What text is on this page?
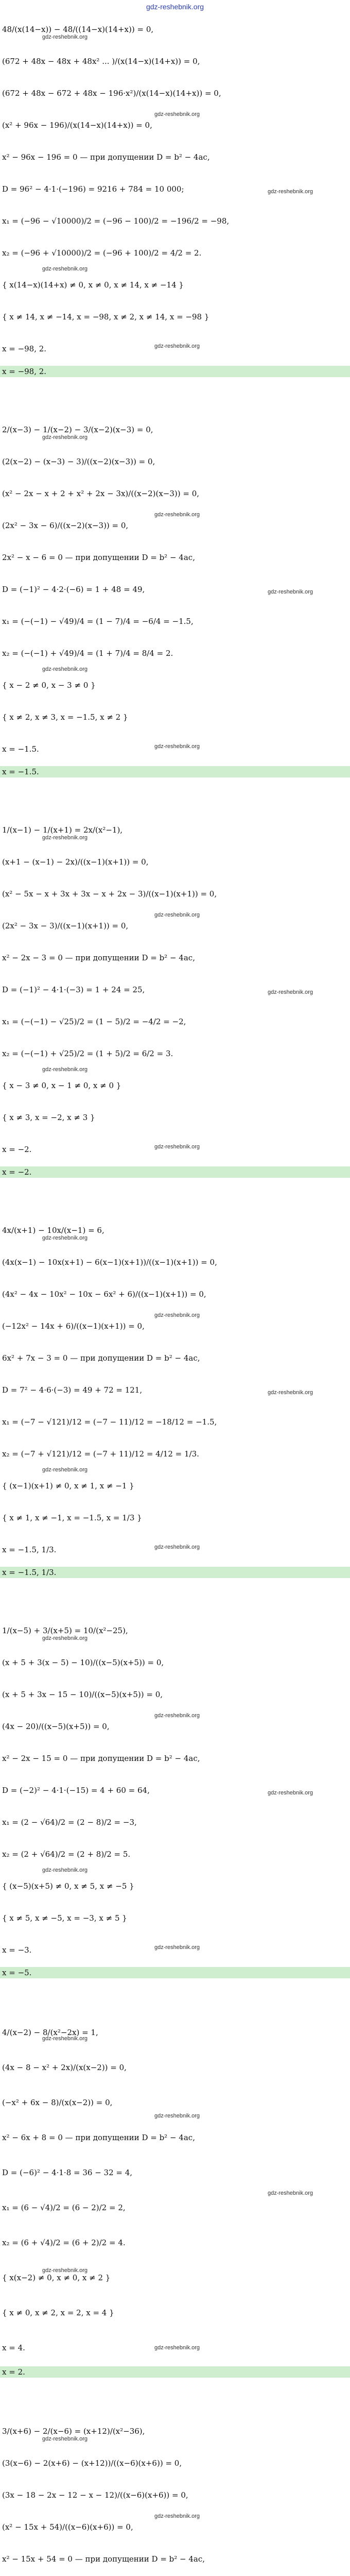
gdz-reshebnik.org
48/(x(14−x)) − 48/((14−x)(14+x)) = 0,
(672 + 48x − 48x + 48x² ... )/(x(14−x)(14+x)) = 0,
(672 + 48x − 672 + 48x − 196·x²)/(x(14−x)(14+x)) = 0,
(x² + 96x − 196)/(x(14−x)(14+x)) = 0,
x² − 96x − 196 = 0 — при допущении D = b² − 4ac,
D = 96² − 4·1·(−196) = 9216 + 784 = 10 000;
x₁ = (−96 − √10000)/2 = (−96 − 100)/2 = −196/2 = −98,
x₂ = (−96 + √10000)/2 = (−96 + 100)/2 = 4/2 = 2.
{ x(14−x)(14+x) ≠ 0, x ≠ 0, x ≠ 14, x ≠ −14 }
{ x ≠ 14, x ≠ −14, x = −98, x ≠ 2, x ≠ 14, x = −98 }
x = −98, 2.
x = −98, 2.
gdz-reshebnik.org
gdz-reshebnik.org
gdz-reshebnik.org
gdz-reshebnik.org
gdz-reshebnik.org
2/(x−3) − 1/(x−2) − 3/(x−2)(x−3) = 0,
(2(x−2) − (x−3) − 3)/((x−2)(x−3)) = 0,
(x² − 2x − x + 2 + x² + 2x − 3x)/((x−2)(x−3)) = 0,
(2x² − 3x − 6)/((x−2)(x−3)) = 0,
2x² − x − 6 = 0 — при допущении D = b² − 4ac,
D = (−1)² − 4·2·(−6) = 1 + 48 = 49,
x₁ = (−(−1) − √49)/4 = (1 − 7)/4 = −6/4 = −1.5,
x₂ = (−(−1) + √49)/4 = (1 + 7)/4 = 8/4 = 2.
{ x − 2 ≠ 0, x − 3 ≠ 0 }
{ x ≠ 2, x ≠ 3, x = −1.5, x ≠ 2 }
x = −1.5.
x = −1.5.
gdz-reshebnik.org
gdz-reshebnik.org
gdz-reshebnik.org
gdz-reshebnik.org
gdz-reshebnik.org
1/(x−1) − 1/(x+1) = 2x/(x²−1),
(x+1 − (x−1) − 2x)/((x−1)(x+1)) = 0,
(x² − 5x − x + 3x + 3x − x + 2x − 3)/((x−1)(x+1)) = 0,
(2x² − 3x − 3)/((x−1)(x+1)) = 0,
x² − 2x − 3 = 0 — при допущении D = b² − 4ac,
D = (−1)² − 4·1·(−3) = 1 + 24 = 25,
x₁ = (−(−1) − √25)/2 = (1 − 5)/2 = −4/2 = −2,
x₂ = (−(−1) + √25)/2 = (1 + 5)/2 = 6/2 = 3.
{ x − 3 ≠ 0, x − 1 ≠ 0, x ≠ 0 }
{ x ≠ 3, x = −2, x ≠ 3 }
x = −2.
x = −2.
gdz-reshebnik.org
gdz-reshebnik.org
gdz-reshebnik.org
gdz-reshebnik.org
gdz-reshebnik.org
4x/(x+1) − 10x/(x−1) = 6,
(4x(x−1) − 10x(x+1) − 6(x−1)(x+1))/((x−1)(x+1)) = 0,
(4x² − 4x − 10x² − 10x − 6x² + 6)/((x−1)(x+1)) = 0,
(−12x² − 14x + 6)/((x−1)(x+1)) = 0,
6x² + 7x − 3 = 0 — при допущении D = b² − 4ac,
D = 7² − 4·6·(−3) = 49 + 72 = 121,
x₁ = (−7 − √121)/12 = (−7 − 11)/12 = −18/12 = −1.5,
x₂ = (−7 + √121)/12 = (−7 + 11)/12 = 4/12 = 1/3.
{ (x−1)(x+1) ≠ 0, x ≠ 1, x ≠ −1 }
{ x ≠ 1, x ≠ −1, x = −1.5, x = 1/3 }
x = −1.5, 1/3.
x = −1.5, 1/3.
gdz-reshebnik.org
gdz-reshebnik.org
gdz-reshebnik.org
gdz-reshebnik.org
gdz-reshebnik.org
1/(x−5) + 3/(x+5) = 10/(x²−25),
(x + 5 + 3(x − 5) − 10)/((x−5)(x+5)) = 0,
(x + 5 + 3x − 15 − 10)/((x−5)(x+5)) = 0,
(4x − 20)/((x−5)(x+5)) = 0,
x² − 2x − 15 = 0 — при допущении D = b² − 4ac,
D = (−2)² − 4·1·(−15) = 4 + 60 = 64,
x₁ = (2 − √64)/2 = (2 − 8)/2 = −3,
x₂ = (2 + √64)/2 = (2 + 8)/2 = 5.
{ (x−5)(x+5) ≠ 0, x ≠ 5, x ≠ −5 }
{ x ≠ 5, x ≠ −5, x = −3, x ≠ 5 }
x = −3.
x = −5.
gdz-reshebnik.org
gdz-reshebnik.org
gdz-reshebnik.org
gdz-reshebnik.org
gdz-reshebnik.org
4/(x−2) − 8/(x²−2x) = 1,
(4x − 8 − x² + 2x)/(x(x−2)) = 0,
(−x² + 6x − 8)/(x(x−2)) = 0,
x² − 6x + 8 = 0 — при допущении D = b² − 4ac,
D = (−6)² − 4·1·8 = 36 − 32 = 4,
x₁ = (6 − √4)/2 = (6 − 2)/2 = 2,
x₂ = (6 + √4)/2 = (6 + 2)/2 = 4.
{ x(x−2) ≠ 0, x ≠ 0, x ≠ 2 }
{ x ≠ 0, x ≠ 2, x = 2, x = 4 }
x = 4.
x = 2.
gdz-reshebnik.org
gdz-reshebnik.org
gdz-reshebnik.org
gdz-reshebnik.org
gdz-reshebnik.org
3/(x+6) − 2/(x−6) = (x+12)/(x²−36),
(3(x−6) − 2(x+6) − (x+12))/((x−6)(x+6)) = 0,
(3x − 18 − 2x − 12 − x − 12)/((x−6)(x+6)) = 0,
(x² − 15x + 54)/((x−6)(x+6)) = 0,
x² − 15x + 54 = 0 — при допущении D = b² − 4ac,
gdz-reshebnik.org
gdz-reshebnik.org
